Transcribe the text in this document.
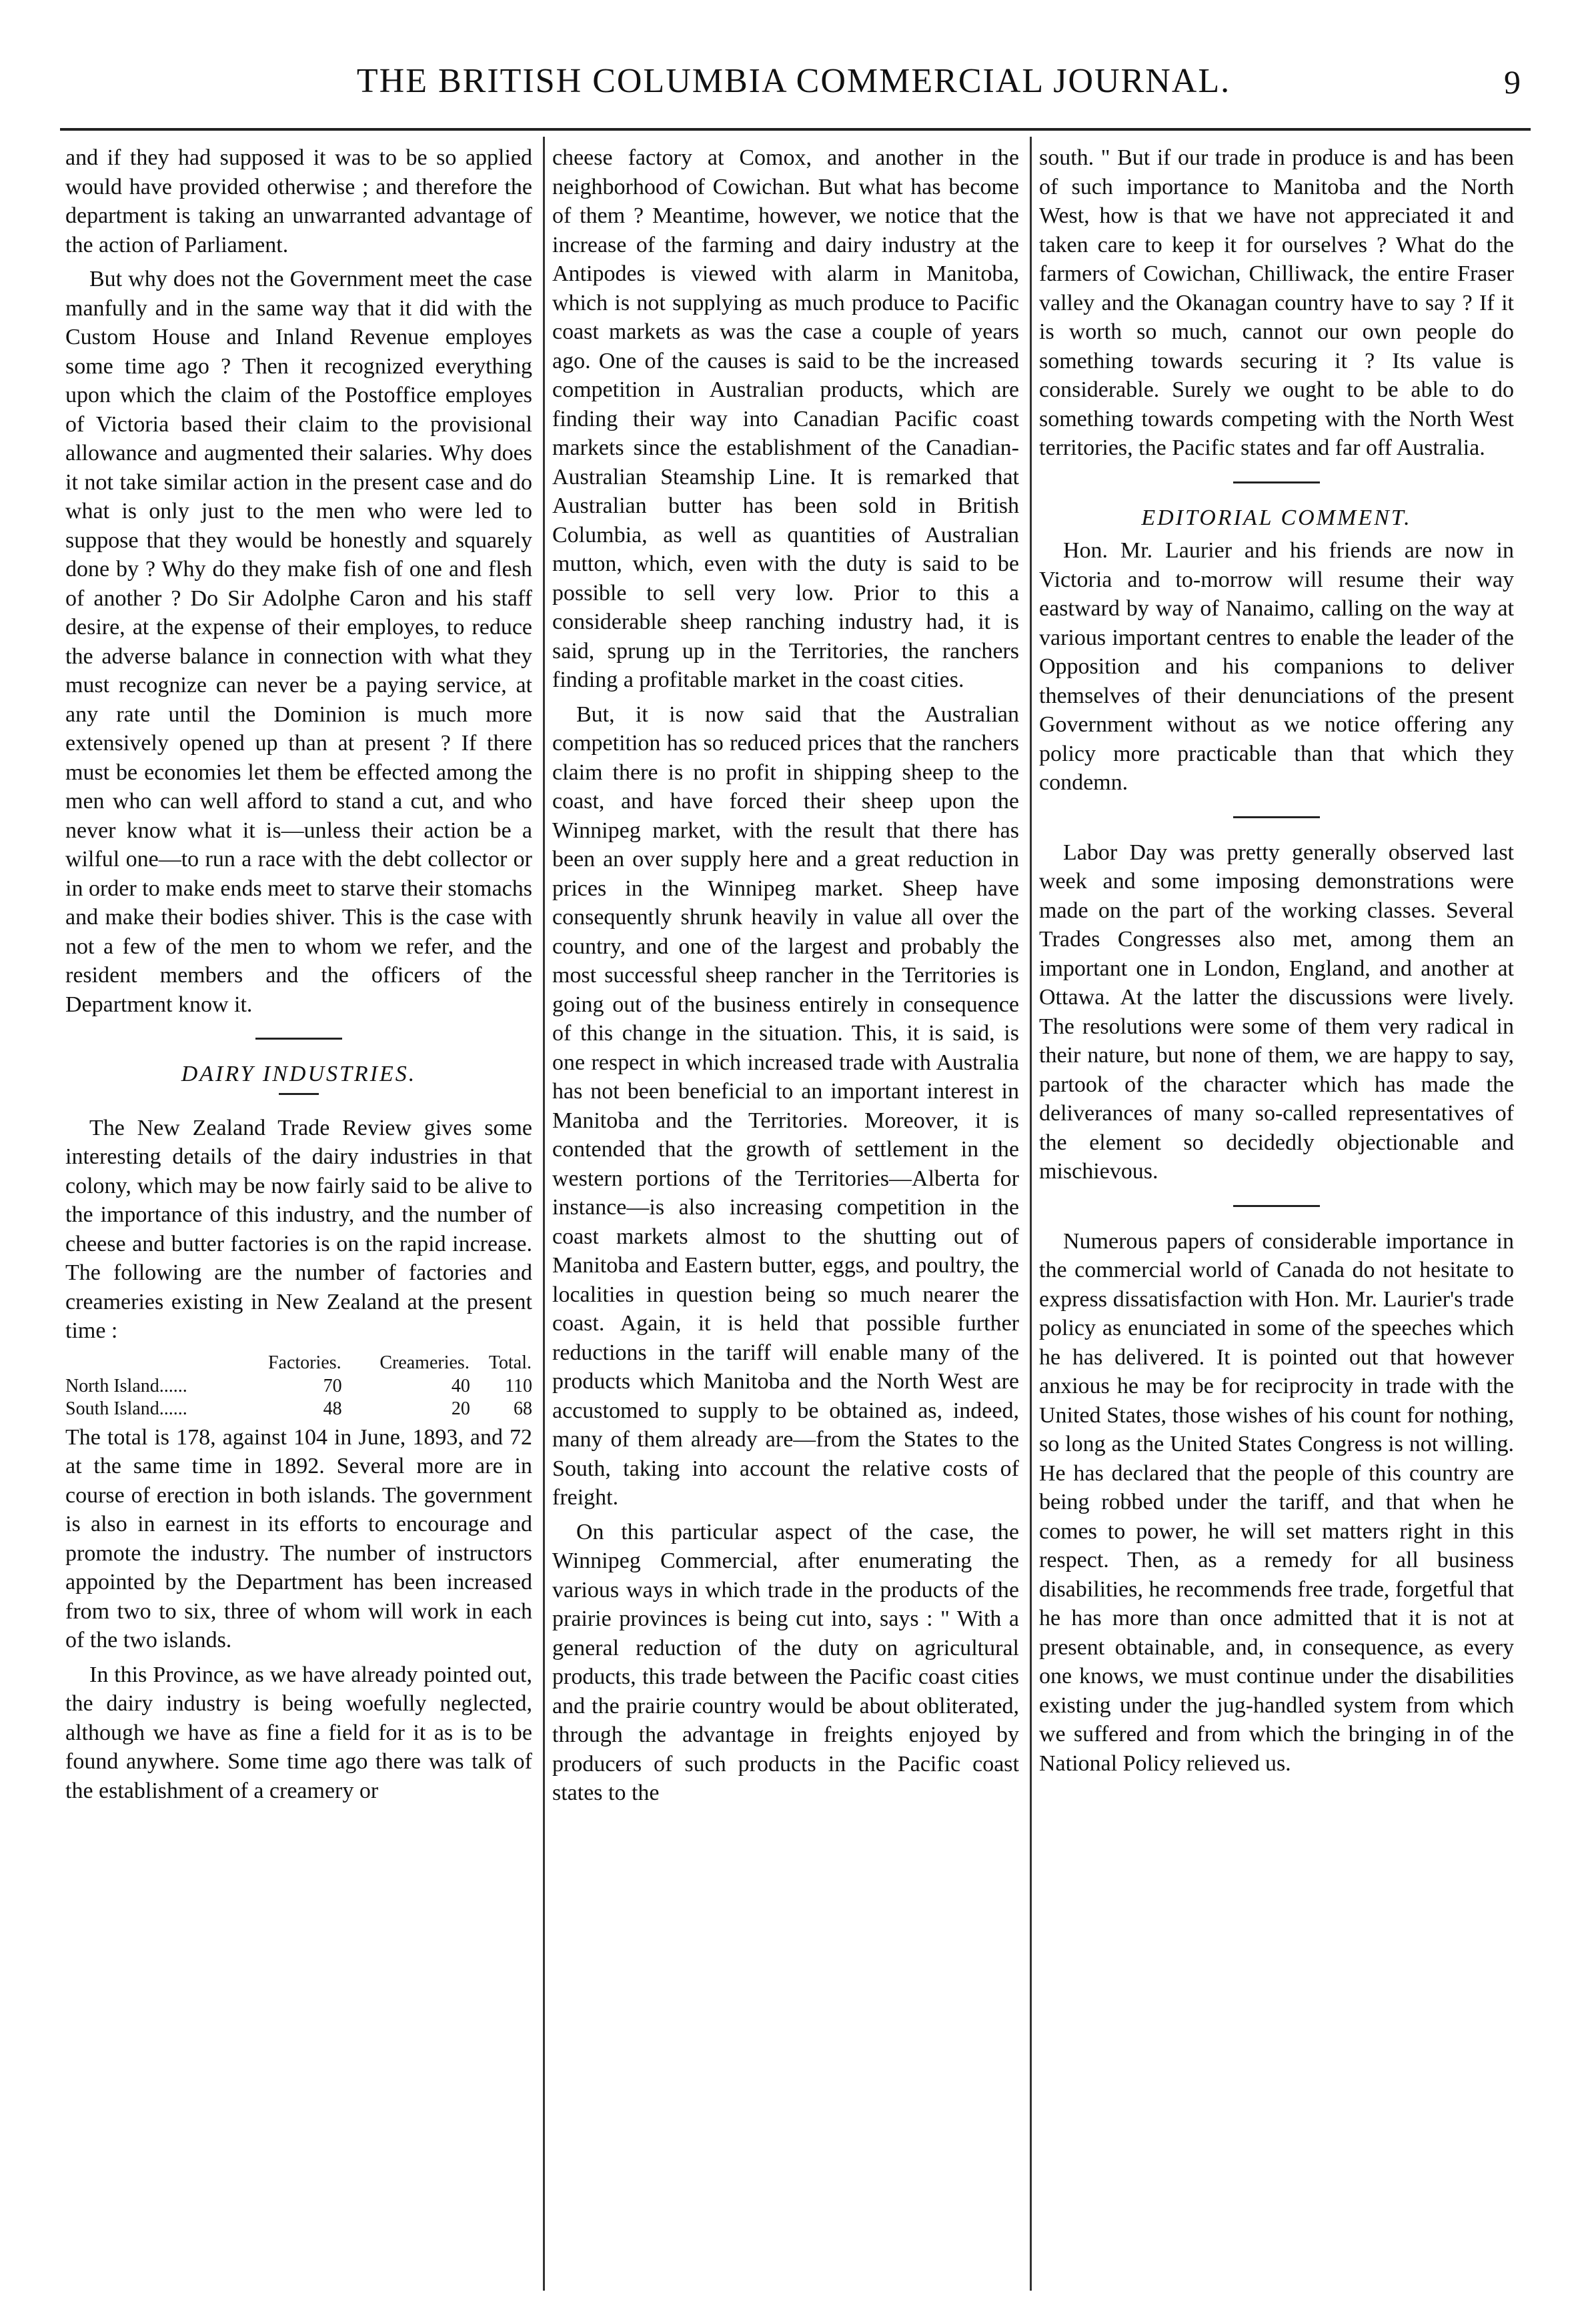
THE BRITISH COLUMBIA COMMERCIAL JOURNAL.	9

and if they had supposed it was to be so applied would have provided otherwise ; and therefore the department is taking an unwarranted advantage of the action of Parliament.

But why does not the Government meet the case manfully and in the same way that it did with the Custom House and Inland Revenue employes some time ago ? Then it recognized everything upon which the claim of the Postoffice employes of Victoria based their claim to the provisional allowance and augmented their salaries. Why does it not take similar action in the present case and do what is only just to the men who were led to suppose that they would be honestly and squarely done by ? Why do they make fish of one and flesh of another ? Do Sir Adolphe Caron and his staff desire, at the expense of their employes, to reduce the adverse balance in connection with what they must recognize can never be a paying service, at any rate until the Dominion is much more extensively opened up than at present ? If there must be economies let them be effected among the men who can well afford to stand a cut, and who never know what it is—unless their action be a wilful one—to run a race with the debt collector or in order to make ends meet to starve their stomachs and make their bodies shiver. This is the case with not a few of the men to whom we refer, and the resident members and the officers of the Department know it.

DAIRY INDUSTRIES.

The New Zealand Trade Review gives some interesting details of the dairy industries in that colony, which may be now fairly said to be alive to the importance of this industry, and the number of cheese and butter factories is on the rapid increase. The following are the number of factories and creameries existing in New Zealand at the present time :

	Factories.	Creameries.	Total.
North Island......	70	40	110
South Island......	48	20	68

The total is 178, against 104 in June, 1893, and 72 at the same time in 1892. Several more are in course of erection in both islands. The government is also in earnest in its efforts to encourage and promote the industry. The number of instructors appointed by the Department has been increased from two to six, three of whom will work in each of the two islands.

In this Province, as we have already pointed out, the dairy industry is being woefully neglected, although we have as fine a field for it as is to be found anywhere. Some time ago there was talk of the establishment of a creamery or

cheese factory at Comox, and another in the neighborhood of Cowichan. But what has become of them ? Meantime, however, we notice that the increase of the farming and dairy industry at the Antipodes is viewed with alarm in Manitoba, which is not supplying as much produce to Pacific coast markets as was the case a couple of years ago. One of the causes is said to be the increased competition in Australian products, which are finding their way into Canadian Pacific coast markets since the establishment of the Canadian-Australian Steamship Line. It is remarked that Australian butter has been sold in British Columbia, as well as quantities of Australian mutton, which, even with the duty is said to be possible to sell very low. Prior to this a considerable sheep ranching industry had, it is said, sprung up in the Territories, the ranchers finding a profitable market in the coast cities.

But, it is now said that the Australian competition has so reduced prices that the ranchers claim there is no profit in shipping sheep to the coast, and have forced their sheep upon the Winnipeg market, with the result that there has been an over supply here and a great reduction in prices in the Winnipeg market. Sheep have consequently shrunk heavily in value all over the country, and one of the largest and probably the most successful sheep rancher in the Territories is going out of the business entirely in consequence of this change in the situation. This, it is said, is one respect in which increased trade with Australia has not been beneficial to an important interest in Manitoba and the Territories. Moreover, it is contended that the growth of settlement in the western portions of the Territories—Alberta for instance—is also increasing competition in the coast markets almost to the shutting out of Manitoba and Eastern butter, eggs, and poultry, the localities in question being so much nearer the coast. Again, it is held that possible further reductions in the tariff will enable many of the products which Manitoba and the North West are accustomed to supply to be obtained as, indeed, many of them already are—from the States to the South, taking into account the relative costs of freight.

On this particular aspect of the case, the Winnipeg Commercial, after enumerating the various ways in which trade in the products of the prairie provinces is being cut into, says : " With a general reduction of the duty on agricultural products, this trade between the Pacific coast cities and the prairie country would be about obliterated, through the advantage in freights enjoyed by producers of such products in the Pacific coast states to the

south. " But if our trade in produce is and has been of such importance to Manitoba and the North West, how is that we have not appreciated it and taken care to keep it for ourselves ? What do the farmers of Cowichan, Chilliwack, the entire Fraser valley and the Okanagan country have to say ? If it is worth so much, cannot our own people do something towards securing it ? Its value is considerable. Surely we ought to be able to do something towards competing with the North West territories, the Pacific states and far off Australia.

EDITORIAL COMMENT.

Hon. Mr. Laurier and his friends are now in Victoria and to-morrow will resume their way eastward by way of Nanaimo, calling on the way at various important centres to enable the leader of the Opposition and his companions to deliver themselves of their denunciations of the present Government without as we notice offering any policy more practicable than that which they condemn.

Labor Day was pretty generally observed last week and some imposing demonstrations were made on the part of the working classes. Several Trades Congresses also met, among them an important one in London, England, and another at Ottawa. At the latter the discussions were lively. The resolutions were some of them very radical in their nature, but none of them, we are happy to say, partook of the character which has made the deliverances of many so-called representatives of the element so decidedly objectionable and mischievous.

Numerous papers of considerable importance in the commercial world of Canada do not hesitate to express dissatisfaction with Hon. Mr. Laurier's trade policy as enunciated in some of the speeches which he has delivered. It is pointed out that however anxious he may be for reciprocity in trade with the United States, those wishes of his count for nothing, so long as the United States Congress is not willing. He has declared that the people of this country are being robbed under the tariff, and that when he comes to power, he will set matters right in this respect. Then, as a remedy for all business disabilities, he recommends free trade, forgetful that he has more than once admitted that it is not at present obtainable, and, in consequence, as every one knows, we must continue under the disabilities existing under the jug-handled system from which we suffered and from which the bringing in of the National Policy relieved us.
